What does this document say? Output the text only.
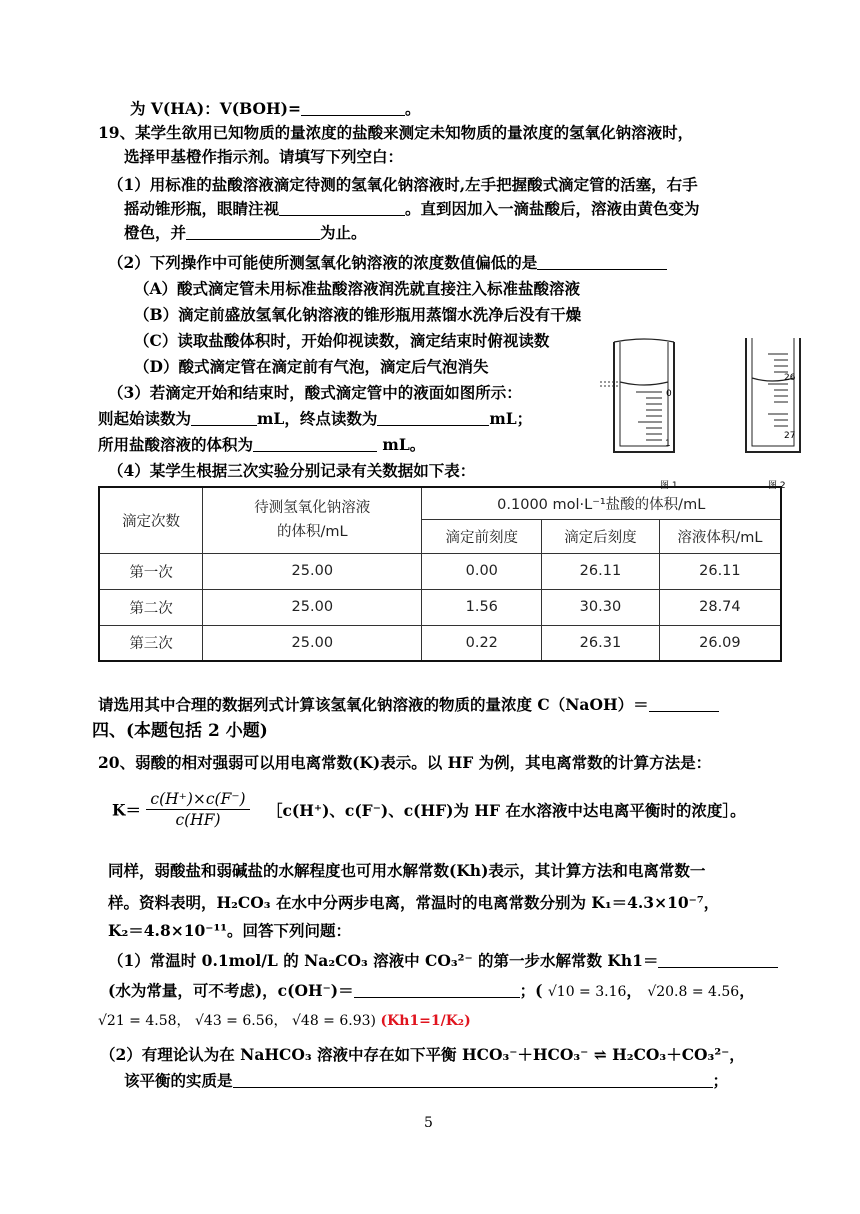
为 V(HA)：V(BOH)=	。
19、某学生欲用已知物质的量浓度的盐酸来测定未知物质的量浓度的氢氧化钠溶液时，
选择甲基橙作指示剂。请填写下列空白：
（1）用标准的盐酸溶液滴定待测的氢氧化钠溶液时,左手把握酸式滴定管的活塞，右手
摇动锥形瓶，眼睛注视	。直到因加入一滴盐酸后，溶液由黄色变为
橙色，并	为止。
（2）下列操作中可能使所测氢氧化钠溶液的浓度数值偏低的是
（A）酸式滴定管未用标准盐酸溶液润洗就直接注入标准盐酸溶液
（B）滴定前盛放氢氧化钠溶液的锥形瓶用蒸馏水洗净后没有干燥
（C）读取盐酸体积时，开始仰视读数，滴定结束时俯视读数
（D）酸式滴定管在滴定前有气泡，滴定后气泡消失
（3）若滴定开始和结束时，酸式滴定管中的液面如图所示：
则起始读数为	mL，终点读数为	mL；
所用盐酸溶液的体积为	mL。
（4）某学生根据三次实验分别记录有关数据如下表：
0
1
26
27
图 1	图 2
滴定次数	待测氢氧化钠溶液
的体积/mL	0.1000 mol·L⁻¹盐酸的体积/mL		
		滴定前刻度	滴定后刻度	溶液体积/mL
第一次	25.00	0.00	26.11	26.11
第二次	25.00	1.56	30.30	28.74
第三次	25.00	0.22	26.31	26.09
请选用其中合理的数据列式计算该氢氧化钠溶液的物质的量浓度 C（NaOH）＝
四、(本题包括 2 小题)
20、弱酸的相对强弱可以用电离常数(K)表示。以 HF 为例，其电离常数的计算方法是：
$K= \frac{c(H^+)\times c(F^-)}{c(HF)}$ ［c(H⁺)、c(F⁻)、c(HF)为 HF 在水溶液中达电离平衡时的浓度］。
同样，弱酸盐和弱碱盐的水解程度也可用水解常数(Kh)表示，其计算方法和电离常数一
样。资料表明，H₂CO₃ 在水中分两步电离，常温时的电离常数分别为 K₁＝4.3×10⁻⁷，
K₂＝4.8×10⁻¹¹。回答下列问题：
（1）常温时 0.1mol/L 的 Na₂CO₃ 溶液中 CO₃²⁻ 的第一步水解常数 Kh1＝
(水为常量，可不考虑)，c(OH⁻)＝	；( √10 = 3.16， √20.8 = 4.56，
√21 = 4.58， √43 = 6.56， √48 = 6.93) (Kh1=1/K₂)
（2）有理论认为在 NaHCO₃ 溶液中存在如下平衡 HCO₃⁻＋HCO₃⁻ ⇌ H₂CO₃＋CO₃²⁻，
该平衡的实质是	；
5
